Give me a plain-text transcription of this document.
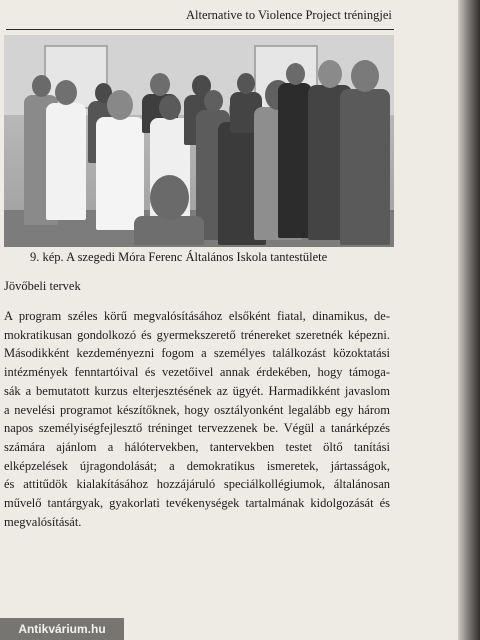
Alternative to Violence Project tréningjei
9. kép. A szegedi Móra Ferenc Általános Iskola tantestülete
Jövőbeli tervek
A program széles körű megvalósításához elsőként fiatal, dinamikus, de-
mokratikusan gondolkozó és gyermekszerető trénereket szeretnék képezni.
Másodikként kezdeményezni fogom a személyes találkozást közoktatási
intézmények fenntartóival és vezetőivel annak érdekében, hogy támoga-
sák a bemutatott kurzus elterjesztésének az ügyét. Harmadikként javaslom
a nevelési programot készítőknek, hogy osztályonként legalább egy három
napos személyiségfejlesztő tréninget tervezzenek be. Végül a tanárképzés
számára ajánlom a hálótervekben, tantervekben testet öltő tanítási elképzelések újragondolását; a demokratikus ismeretek, jártasságok,
és attitűdök kialakításához hozzájáruló speciálkollégiumok, általánosan
művelő tantárgyak, gyakorlati tevékenységek tartalmának kidolgozását és
megvalósítását.
Antikvárium.hu
